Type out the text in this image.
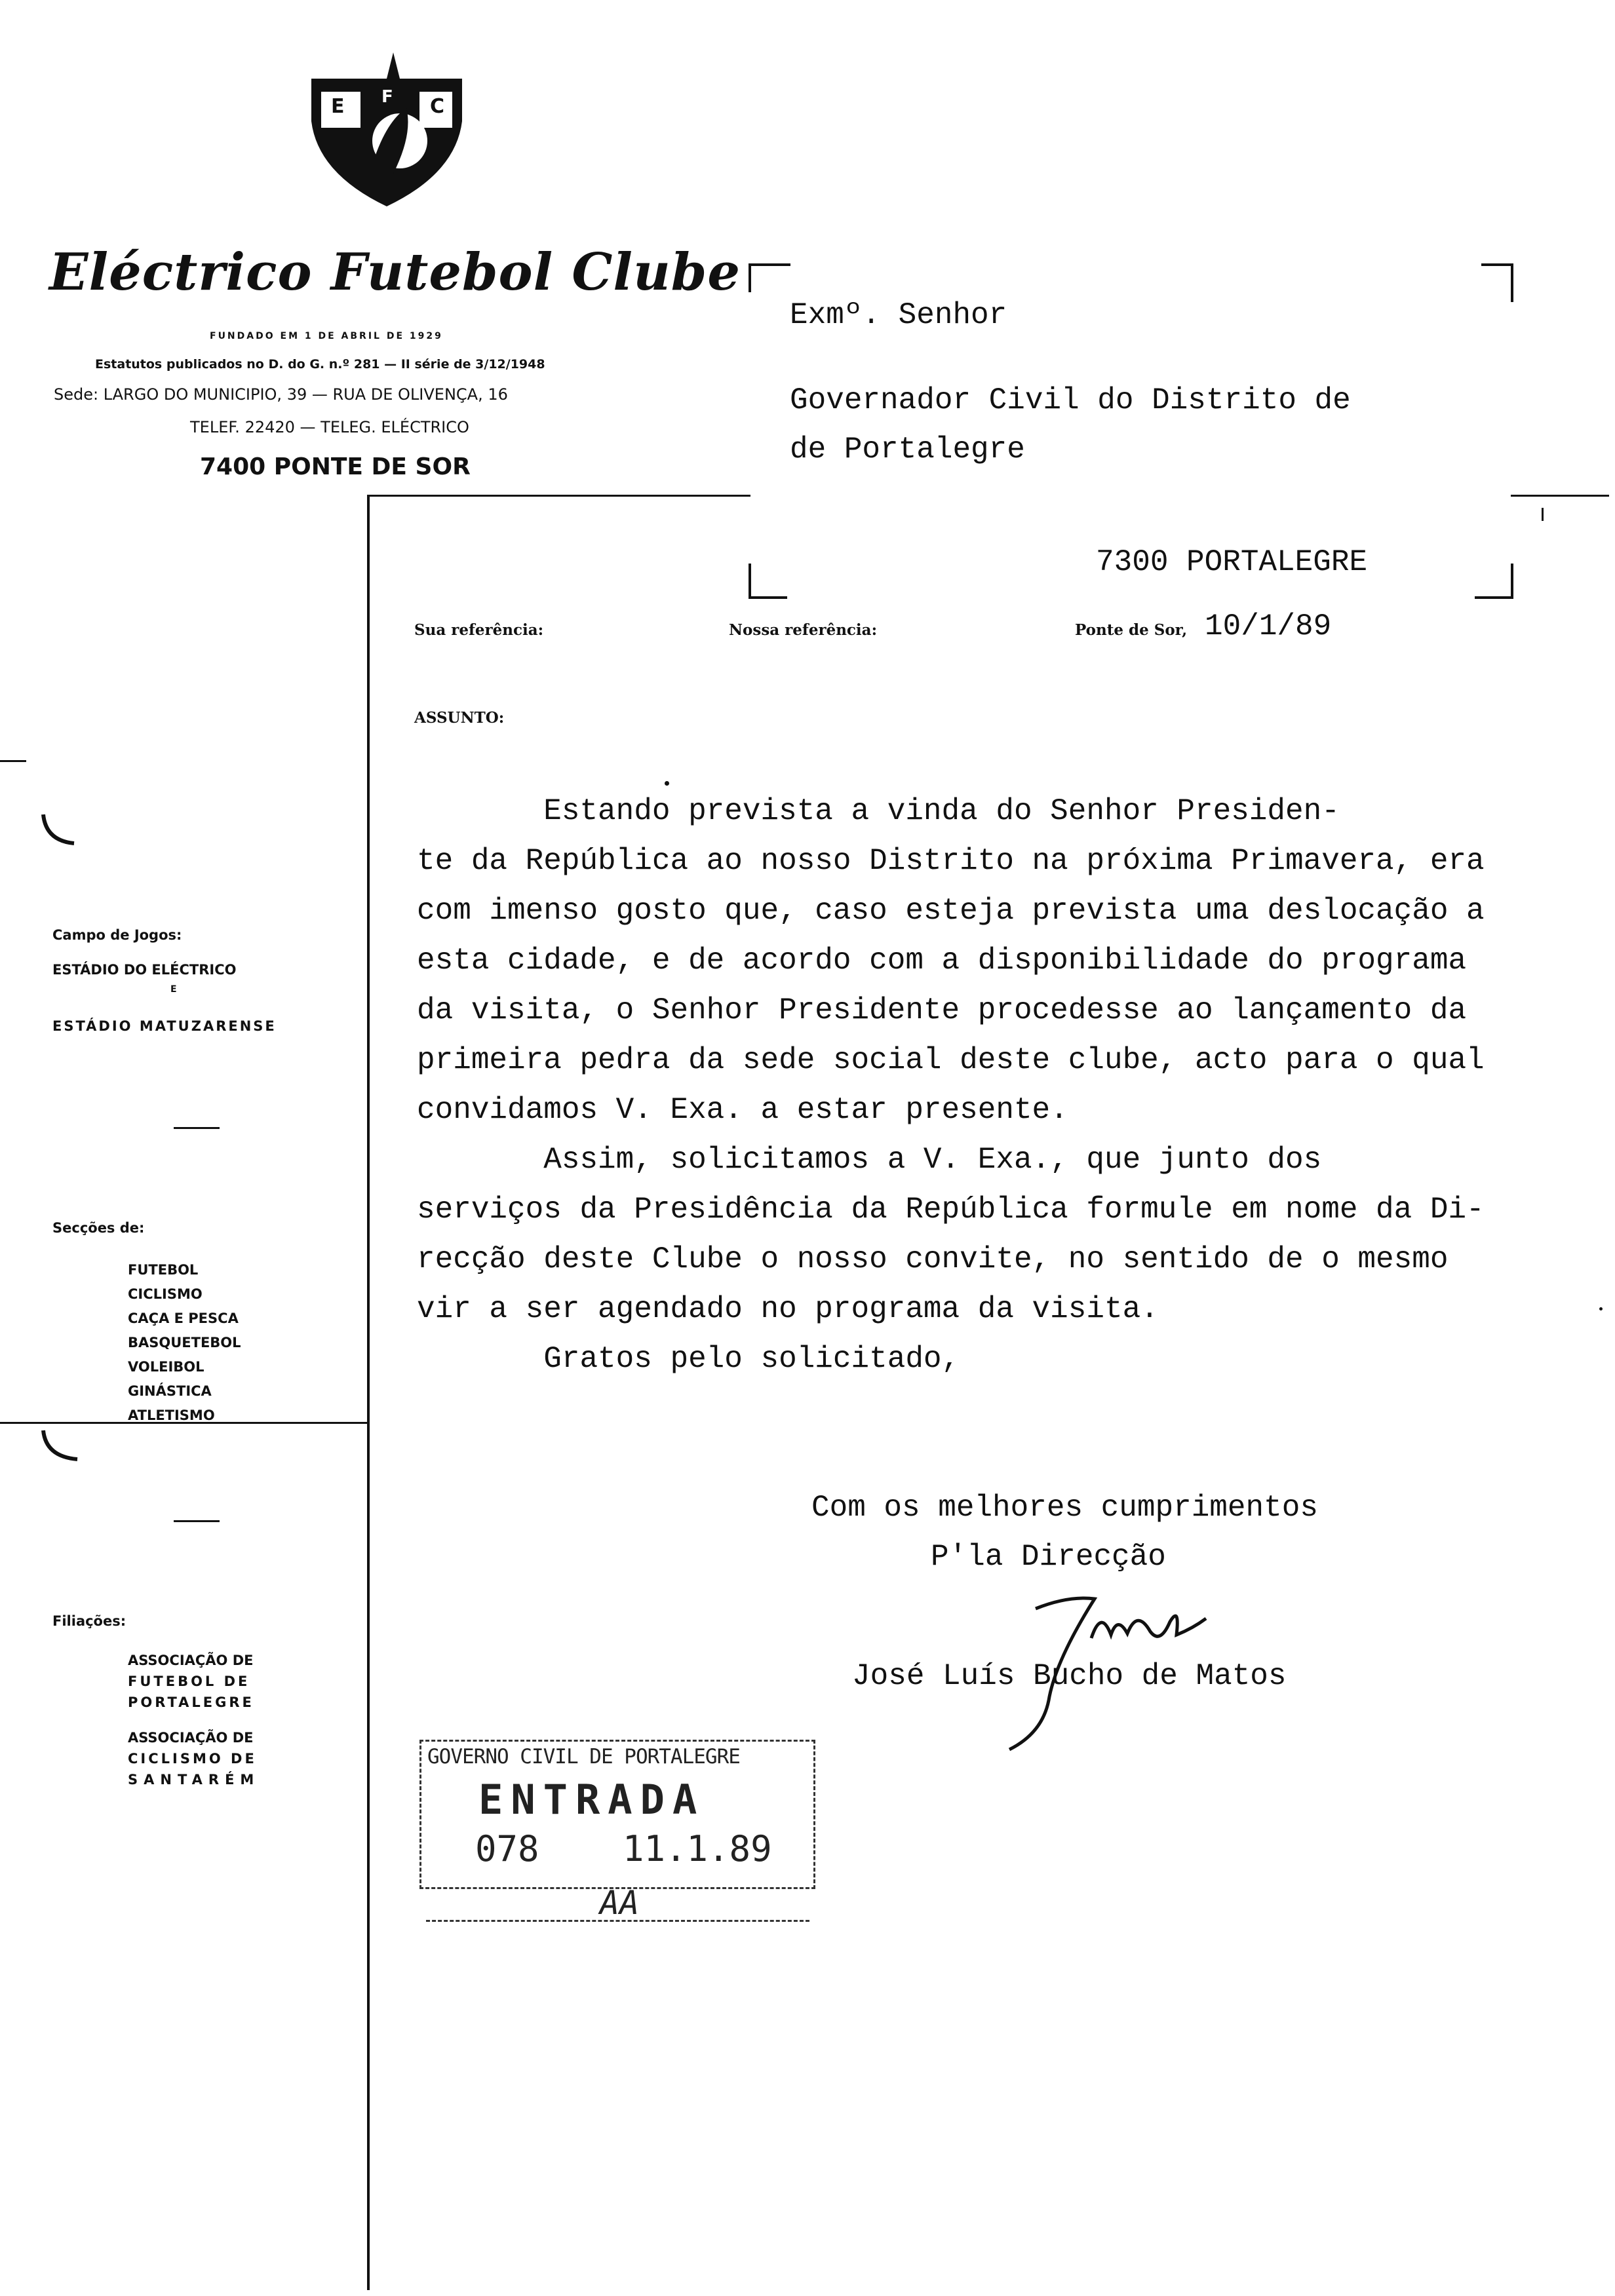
E F C
Eléctrico Futebol Clube
FUNDADO EM 1 DE ABRIL DE 1929
Estatutos publicados no D. do G. n.º 281 — II série de 3/12/1948
Sede: LARGO DO MUNICIPIO, 39 — RUA DE OLIVENÇA, 16
TELEF. 22420 — TELEG. ELÉCTRICO
7400 PONTE DE SOR
Exmº. Senhor
Governador Civil do Distrito de
de Portalegre
7300 PORTALEGRE
Sua referência:	Nossa referência:	Ponte de Sor, 10/1/89
ASSUNTO:
Campo de Jogos:
ESTÁDIO DO ELÉCTRICO
E
ESTÁDIO MATUZARENSE
Secções de:
FUTEBOL
CICLISMO
CAÇA E PESCA
BASQUETEBOL
VOLEIBOL
GINÁSTICA
ATLETISMO
Filiações:
ASSOCIAÇÃO DE
FUTEBOL DE
PORTALEGRE
ASSOCIAÇÃO DE
CICLISMO DE
SANTARÉM
Estando prevista a vinda do Senhor Presiden-
te da República ao nosso Distrito na próxima Primavera, era
com imenso gosto que, caso esteja prevista uma deslocação a
esta cidade, e de acordo com a disponibilidade do programa
da visita, o Senhor Presidente procedesse ao lançamento da
primeira pedra da sede social deste clube, acto para o qual
convidamos V. Exa. a estar presente.
Assim, solicitamos a V. Exa., que junto dos
serviços da Presidência da República formule em nome da Di-
recção deste Clube o nosso convite, no sentido de o mesmo
vir a ser agendado no programa da visita.
Gratos pelo solicitado,
Com os melhores cumprimentos
P'la Direcção
José Luís Bucho de Matos
GOVERNO CIVIL DE PORTALEGRE
ENTRADA
078 11.1.89
AA
